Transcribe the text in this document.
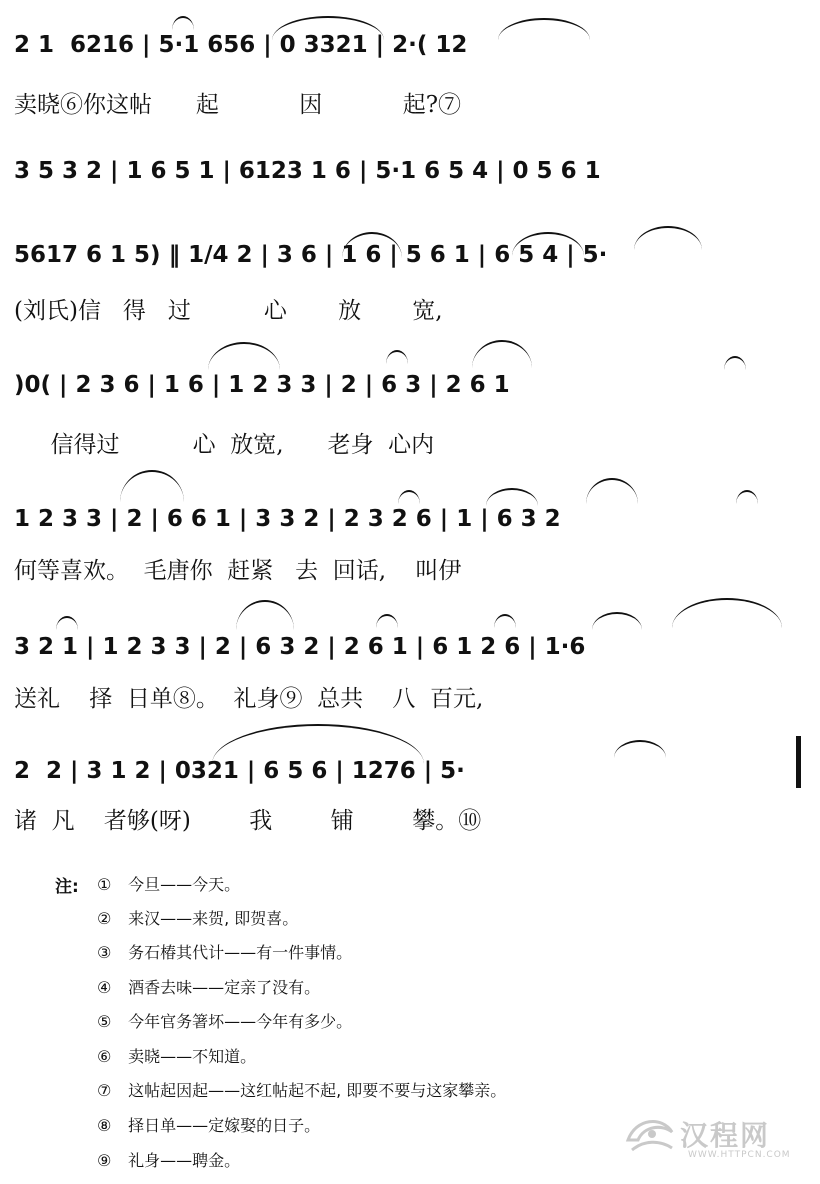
2 1  6216 | 5·1 656 | 0 3321 | 2·( 12
卖晓⑥你这帖      起           因           起?⑦
3 5 3 2 | 1 6 5 1 | 6123 1 6 | 5·1 6 5 4 | 0 5 6 1
5617 6 1 5) ‖ 1/4 2 | 3 6 | 1 6 | 5 6 1 | 6 5 4 | 5·
(刘氏)信   得   过          心       放       宽,
)0( | 2 3 6 | 1 6 | 1 2 3 3 | 2 | 6 3 | 2 6 1
信得过          心  放宽,      老身  心内
1 2 3 3 | 2 | 6 6 1 | 3 3 2 | 2 3 2 6 | 1 | 6 3 2
何等喜欢。  毛唐你  赶紧   去  回话,    叫伊
3 2 1 | 1 2 3 3 | 2 | 6 3 2 | 2 6 1 | 6 1 2 6 | 1·6
送礼    择  日单⑧。  礼身⑨  总共    八  百元,
2  2 | 3 1 2 | 0321 | 6 5 6 | 1276 | 5·
诸  凡    者够(呀)        我        铺        攀。⑩
注: ① 今旦——今天。
② 来汉——来贺, 即贺喜。
③ 务石椿其代计——有一件事情。
④ 酒香去味——定亲了没有。
⑤ 今年官务箸坏——今年有多少。
⑥ 卖晓——不知道。
⑦ 这帖起因起——这红帖起不起, 即要不要与这家攀亲。
⑧ 择日单——定嫁娶的日子。
⑨ 礼身——聘金。
汉程网
WWW.HTTPCN.COM
